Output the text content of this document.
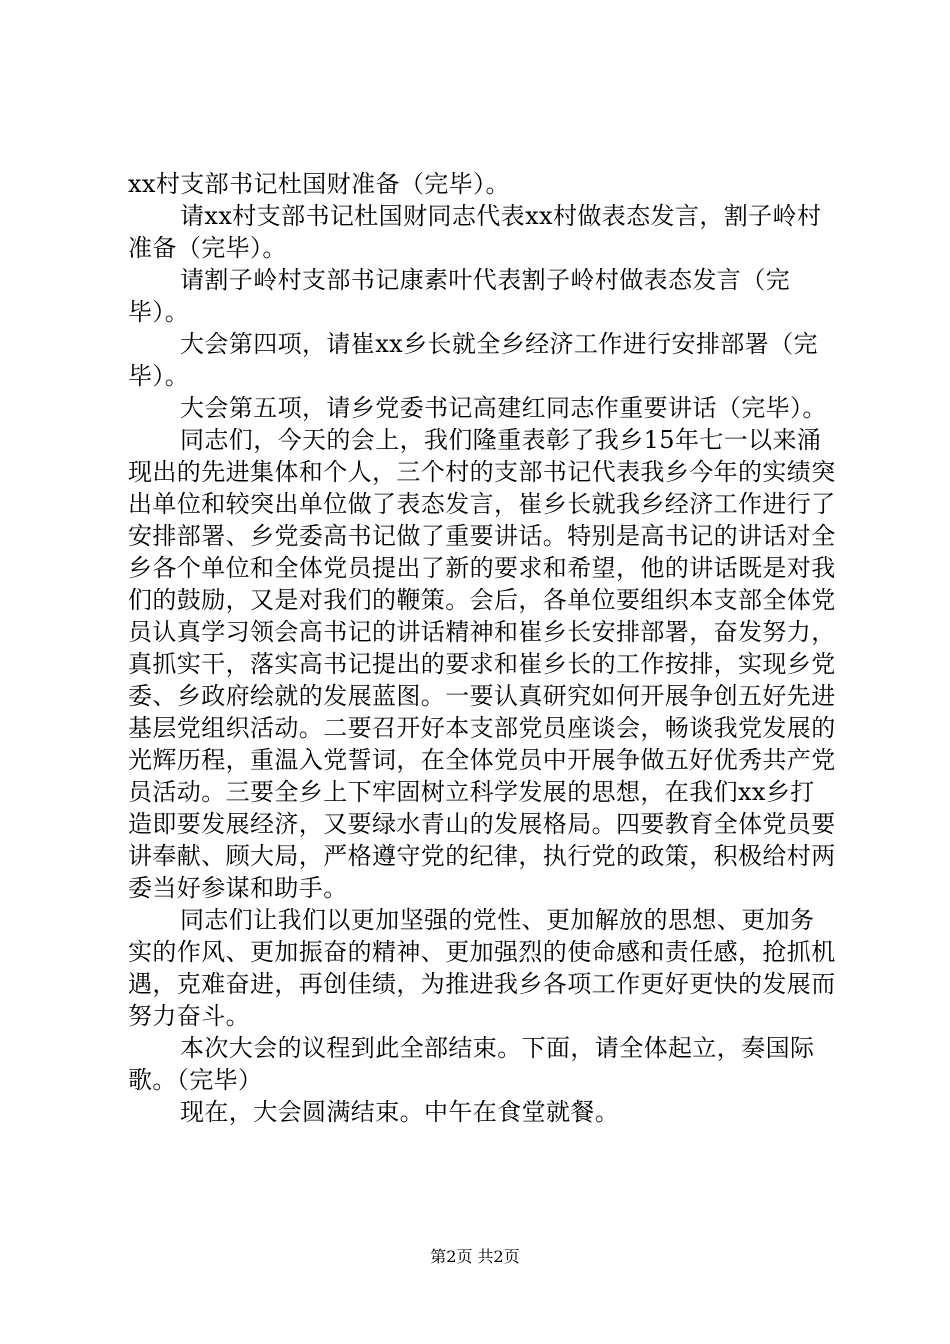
xx村支部书记杜国财准备（完毕）。

请xx村支部书记杜国财同志代表xx村做表态发言，割子岭村准备（完毕）。

请割子岭村支部书记康素叶代表割子岭村做表态发言（完毕）。

大会第四项，请崔xx乡长就全乡经济工作进行安排部署（完毕）。

大会第五项，请乡党委书记高建红同志作重要讲话（完毕）。

同志们，今天的会上，我们隆重表彰了我乡15年七一以来涌现出的先进集体和个人，三个村的支部书记代表我乡今年的实绩突出单位和较突出单位做了表态发言，崔乡长就我乡经济工作进行了安排部署、乡党委高书记做了重要讲话。特别是高书记的讲话对全乡各个单位和全体党员提出了新的要求和希望，他的讲话既是对我们的鼓励，又是对我们的鞭策。会后，各单位要组织本支部全体党员认真学习领会高书记的讲话精神和崔乡长安排部署，奋发努力，真抓实干，落实高书记提出的要求和崔乡长的工作按排，实现乡党委、乡政府绘就的发展蓝图。一要认真研究如何开展争创五好先进基层党组织活动。二要召开好本支部党员座谈会，畅谈我党发展的光辉历程，重温入党誓词，在全体党员中开展争做五好优秀共产党员活动。三要全乡上下牢固树立科学发展的思想，在我们xx乡打造即要发展经济，又要绿水青山的发展格局。四要教育全体党员要讲奉献、顾大局，严格遵守党的纪律，执行党的政策，积极给村两委当好参谋和助手。

同志们让我们以更加坚强的党性、更加解放的思想、更加务实的作风、更加振奋的精神、更加强烈的使命感和责任感，抢抓机遇，克难奋进，再创佳绩，为推进我乡各项工作更好更快的发展而努力奋斗。

本次大会的议程到此全部结束。下面，请全体起立，奏国际歌。（完毕）

现在，大会圆满结束。中午在食堂就餐。

第2页 共2页
